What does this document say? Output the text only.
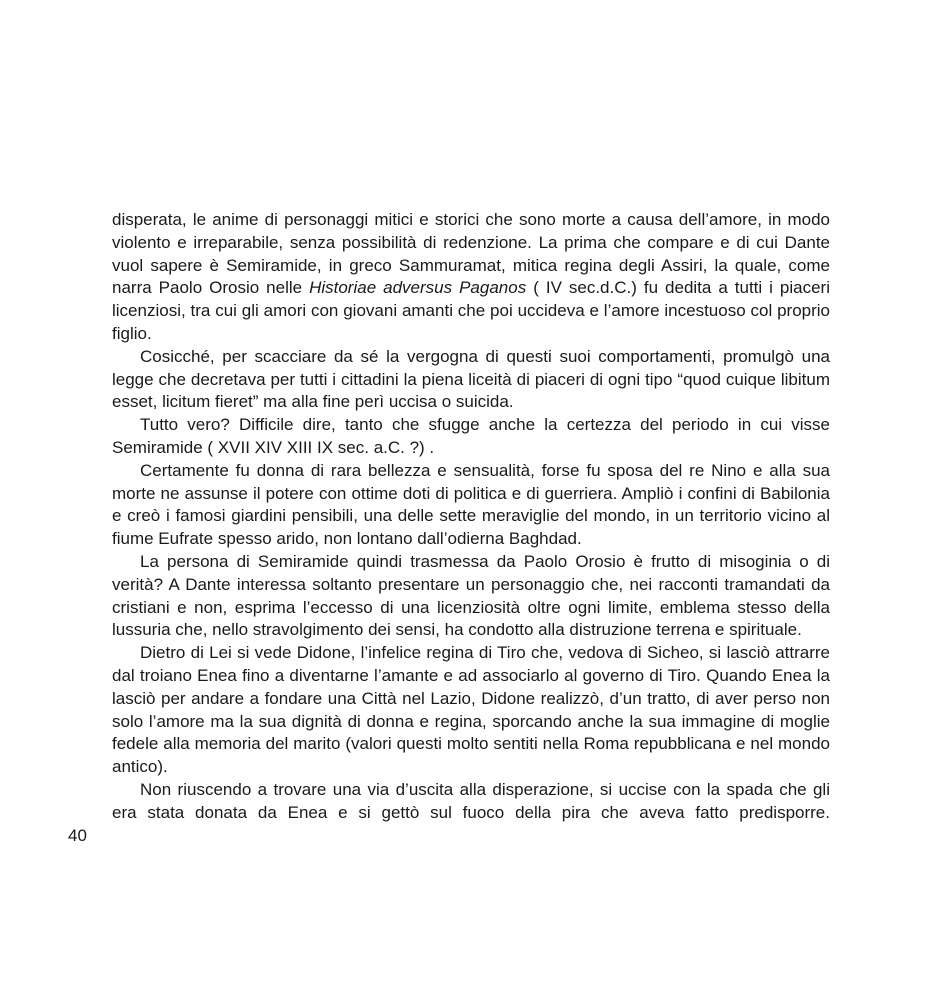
disperata, le anime di personaggi mitici e storici che sono morte a causa dell’amore, in modo violento e irreparabile, senza possibilità di redenzione. La prima che compare e di cui Dante vuol sapere è Semiramide, in greco Sammuramat, mitica regina degli Assiri, la quale, come narra Paolo Orosio nelle Historiae adversus Paganos ( IV sec.d.C.) fu dedita a tutti i piaceri licenziosi, tra cui gli amori con giovani amanti che poi uccideva e l’amore incestuoso col proprio figlio.

Cosicché, per scacciare da sé la vergogna di questi suoi comportamenti, promulgò una legge che decretava per tutti i cittadini la piena liceità di piaceri di ogni tipo “quod cuique libitum esset, licitum fieret” ma alla fine perì uccisa o suicida.

Tutto vero? Difficile dire, tanto che sfugge anche la certezza del periodo in cui visse Semiramide ( XVII XIV XIII IX sec. a.C. ?) .

Certamente fu donna di rara bellezza e sensualità, forse fu sposa del re Nino e alla sua morte ne assunse il potere con ottime doti di politica e di guerriera. Ampliò i confini di Babilonia e creò i famosi giardini pensibili, una delle sette meraviglie del mondo, in un territorio vicino al fiume Eufrate spesso arido, non lontano dall’odierna Baghdad.

La persona di Semiramide quindi trasmessa da Paolo Orosio è frutto di misoginia o di verità? A Dante interessa soltanto presentare un personaggio che, nei racconti tramandati da cristiani e non, esprima l’eccesso di una licenziosità oltre ogni limite, emblema stesso della lussuria che, nello stravolgimento dei sensi, ha condotto alla distruzione terrena e spirituale.

Dietro di Lei si vede Didone, l’infelice regina di Tiro che, vedova di Sicheo, si lasciò attrarre dal troiano Enea fino a diventarne l’amante e ad associarlo al governo di Tiro. Quando Enea la lasciò per andare a fondare una Città nel Lazio, Didone realizzò, d’un tratto, di aver perso non solo l’amore ma la sua dignità di donna e regina, sporcando anche la sua immagine di moglie fedele alla memoria del marito (valori questi molto sentiti nella Roma repubblicana e nel mondo antico).

Non riuscendo a trovare una via d’uscita alla disperazione, si uccise con la spada che gli era stata donata da Enea e si gettò sul fuoco della pira che aveva fatto predisporre.

40
